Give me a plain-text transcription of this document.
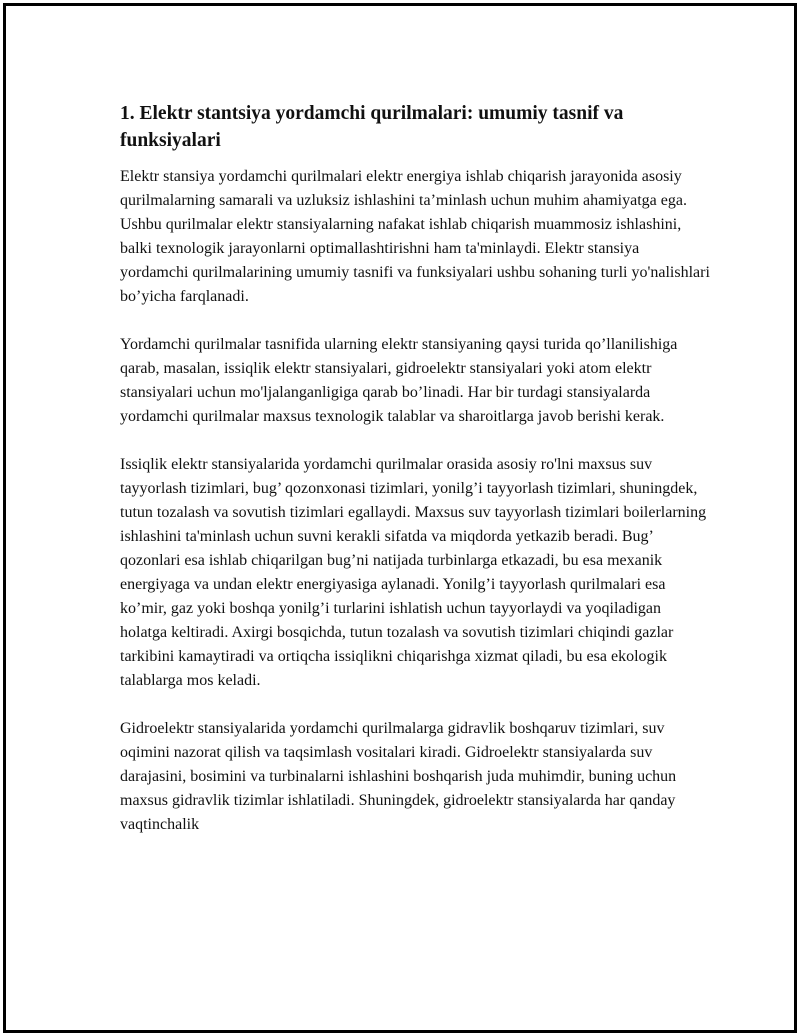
1. Elektr stantsiya yordamchi qurilmalari: umumiy tasnif va funksiyalari

Elektr stansiya yordamchi qurilmalari elektr energiya ishlab chiqarish jarayonida asosiy qurilmalarning samarali va uzluksiz ishlashini ta’minlash uchun muhim ahamiyatga ega. Ushbu qurilmalar elektr stansiyalarning nafakat ishlab chiqarish muammosiz ishlashini, balki texnologik jarayonlarni optimallashtirishni ham ta'minlaydi. Elektr stansiya yordamchi qurilmalarining umumiy tasnifi va funksiyalari ushbu sohaning turli yo'nalishlari bo’yicha farqlanadi.

Yordamchi qurilmalar tasnifida ularning elektr stansiyaning qaysi turida qo’llanilishiga qarab, masalan, issiqlik elektr stansiyalari, gidroelektr stansiyalari yoki atom elektr stansiyalari uchun mo'ljalanganligiga qarab bo’linadi. Har bir turdagi stansiyalarda yordamchi qurilmalar maxsus texnologik talablar va sharoitlarga javob berishi kerak.

Issiqlik elektr stansiyalarida yordamchi qurilmalar orasida asosiy ro'lni maxsus suv tayyorlash tizimlari, bug’ qozonxonasi tizimlari, yonilg’i tayyorlash tizimlari, shuningdek, tutun tozalash va sovutish tizimlari egallaydi. Maxsus suv tayyorlash tizimlari boilerlarning ishlashini ta'minlash uchun suvni kerakli sifatda va miqdorda yetkazib beradi. Bug’ qozonlari esa ishlab chiqarilgan bug’ni natijada turbinlarga etkazadi, bu esa mexanik energiyaga va undan elektr energiyasiga aylanadi. Yonilg’i tayyorlash qurilmalari esa ko’mir, gaz yoki boshqa yonilg’i turlarini ishlatish uchun tayyorlaydi va yoqiladigan holatga keltiradi. Axirgi bosqichda, tutun tozalash va sovutish tizimlari chiqindi gazlar tarkibini kamaytiradi va ortiqcha issiqlikni chiqarishga xizmat qiladi, bu esa ekologik talablarga mos keladi.

Gidroelektr stansiyalarida yordamchi qurilmalarga gidravlik boshqaruv tizimlari, suv oqimini nazorat qilish va taqsimlash vositalari kiradi. Gidroelektr stansiyalarda suv darajasini, bosimini va turbinalarni ishlashini boshqarish juda muhimdir, buning uchun maxsus gidravlik tizimlar ishlatiladi. Shuningdek, gidroelektr stansiyalarda har qanday vaqtinchalik
